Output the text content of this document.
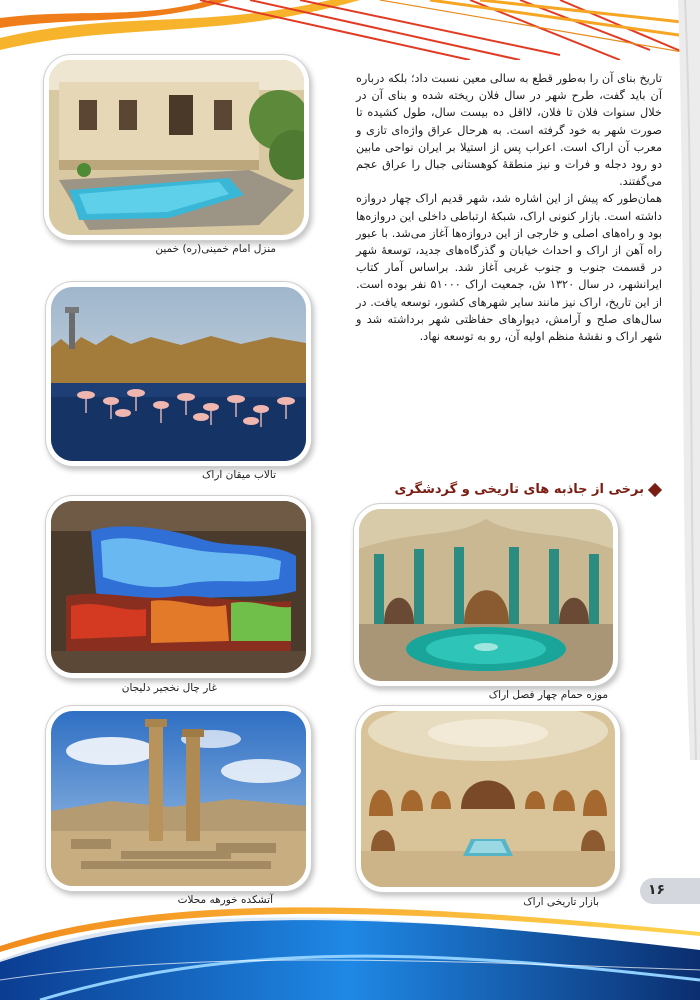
منزل امام خمینی(ره) خمین
تالاب میقان اراک

تاریخ بنای آن را به‌طور قطع به سالی معین نسبت داد؛ بلکه درباره آن باید گفت، طرح شهر در سال فلان ریخته شده و بنای آن در خلال سنوات فلان تا فلان، لااقل ده بیست سال، طول کشیده تا صورت شهر به خود گرفته است. به هرحال عراق واژه‌ای تازی و معرب آن اراک است. اعراب پس از استیلا بر ایران نواحی مابین دو رود دجله و فرات و نیز منطقهٔ کوهستانی جبال را عراق عجم می‌گفتند.

همان‌طور که پیش از این اشاره شد، شهر قدیم اراک چهار دروازه داشته است. بازار کنونی اراک، شبکهٔ ارتباطی داخلی این دروازه‌ها بود و راه‌های اصلی و خارجی از این دروازه‌ها آغاز می‌شد. با عبور راه آهن از اراک و احداث خیابان و گذرگاه‌های جدید، توسعهٔ شهر در قسمت جنوب و جنوب غربی آغاز شد. براساس آمار کتاب ایرانشهر، در سال ۱۳۲۰ ش، جمعیت اراک ۵۱۰۰۰ نفر بوده است. از این تاریخ، اراک نیز مانند سایر شهرهای کشور، توسعه یافت. در سال‌های صلح و آرامش، دیوارهای حفاظتی شهر برداشته شد و شهر اراک و نقشهٔ منظم اولیه آن، رو به توسعه نهاد.

برخی از جاذبه های تاریخی و گردشگری
غار چال نخجیر دلیجان
موزه حمام چهار فصل اراک
آتشکده خورهه محلات	بازار تاریخی اراک
۱۶
